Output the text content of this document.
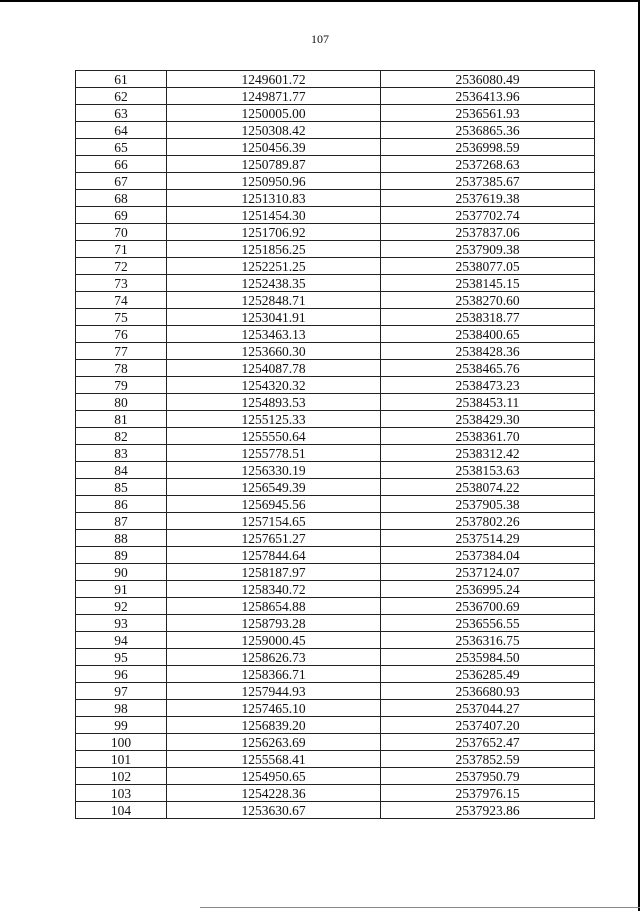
107
61	1249601.72	2536080.49
62	1249871.77	2536413.96
63	1250005.00	2536561.93
64	1250308.42	2536865.36
65	1250456.39	2536998.59
66	1250789.87	2537268.63
67	1250950.96	2537385.67
68	1251310.83	2537619.38
69	1251454.30	2537702.74
70	1251706.92	2537837.06
71	1251856.25	2537909.38
72	1252251.25	2538077.05
73	1252438.35	2538145.15
74	1252848.71	2538270.60
75	1253041.91	2538318.77
76	1253463.13	2538400.65
77	1253660.30	2538428.36
78	1254087.78	2538465.76
79	1254320.32	2538473.23
80	1254893.53	2538453.11
81	1255125.33	2538429.30
82	1255550.64	2538361.70
83	1255778.51	2538312.42
84	1256330.19	2538153.63
85	1256549.39	2538074.22
86	1256945.56	2537905.38
87	1257154.65	2537802.26
88	1257651.27	2537514.29
89	1257844.64	2537384.04
90	1258187.97	2537124.07
91	1258340.72	2536995.24
92	1258654.88	2536700.69
93	1258793.28	2536556.55
94	1259000.45	2536316.75
95	1258626.73	2535984.50
96	1258366.71	2536285.49
97	1257944.93	2536680.93
98	1257465.10	2537044.27
99	1256839.20	2537407.20
100	1256263.69	2537652.47
101	1255568.41	2537852.59
102	1254950.65	2537950.79
103	1254228.36	2537976.15
104	1253630.67	2537923.86
